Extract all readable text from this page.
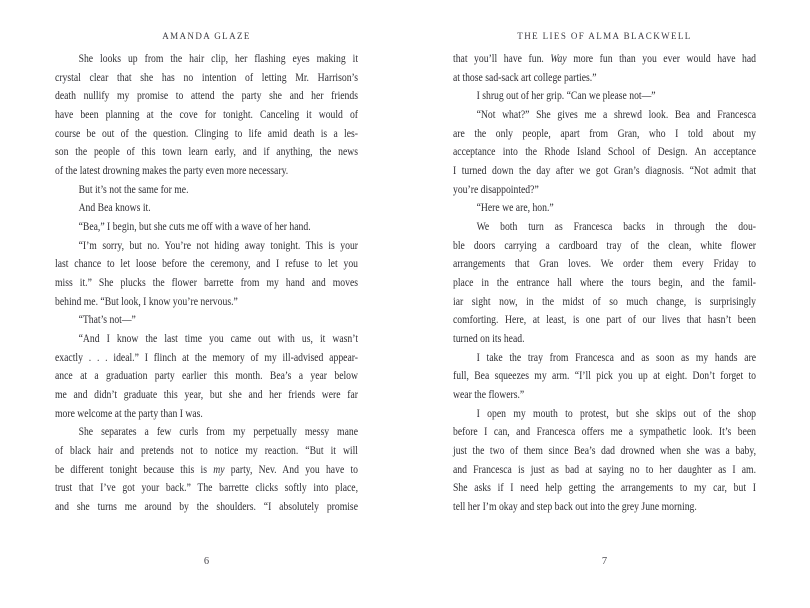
AMANDA GLAZE
She looks up from the hair clip, her flashing eyes making it
crystal clear that she has no intention of letting Mr. Harrison’s
death nullify my promise to attend the party she and her friends
have been planning at the cove for tonight. Canceling it would of
course be out of the question. Clinging to life amid death is a les-
son the people of this town learn early, and if anything, the news
of the latest drowning makes the party even more necessary.
But it’s not the same for me.
And Bea knows it.
“Bea,” I begin, but she cuts me off with a wave of her hand.
“I’m sorry, but no. You’re not hiding away tonight. This is your
last chance to let loose before the ceremony, and I refuse to let you
miss it.” She plucks the flower barrette from my hand and moves
behind me. “But look, I know you’re nervous.”
“That’s not—”
“And I know the last time you came out with us, it wasn’t
exactly . . . ideal.” I flinch at the memory of my ill-advised appear-
ance at a graduation party earlier this month. Bea’s a year below
me and didn’t graduate this year, but she and her friends were far
more welcome at the party than I was.
She separates a few curls from my perpetually messy mane
of black hair and pretends not to notice my reaction. “But it will
be different tonight because this is my party, Nev. And you have to
trust that I’ve got your back.” The barrette clicks softly into place,
and she turns me around by the shoulders. “I absolutely promise
6
THE LIES OF ALMA BLACKWELL
that you’ll have fun. Way more fun than you ever would have had
at those sad-sack art college parties.”
I shrug out of her grip. “Can we please not—”
“Not what?” She gives me a shrewd look. Bea and Francesca
are the only people, apart from Gran, who I told about my
acceptance into the Rhode Island School of Design. An acceptance
I turned down the day after we got Gran’s diagnosis. “Not admit that
you’re disappointed?”
“Here we are, hon.”
We both turn as Francesca backs in through the dou-
ble doors carrying a cardboard tray of the clean, white flower
arrangements that Gran loves. We order them every Friday to
place in the entrance hall where the tours begin, and the famil-
iar sight now, in the midst of so much change, is surprisingly
comforting. Here, at least, is one part of our lives that hasn’t been
turned on its head.
I take the tray from Francesca and as soon as my hands are
full, Bea squeezes my arm. “I’ll pick you up at eight. Don’t forget to
wear the flowers.”
I open my mouth to protest, but she skips out of the shop
before I can, and Francesca offers me a sympathetic look. It’s been
just the two of them since Bea’s dad drowned when she was a baby,
and Francesca is just as bad at saying no to her daughter as I am.
She asks if I need help getting the arrangements to my car, but I
tell her I’m okay and step back out into the grey June morning.
7
